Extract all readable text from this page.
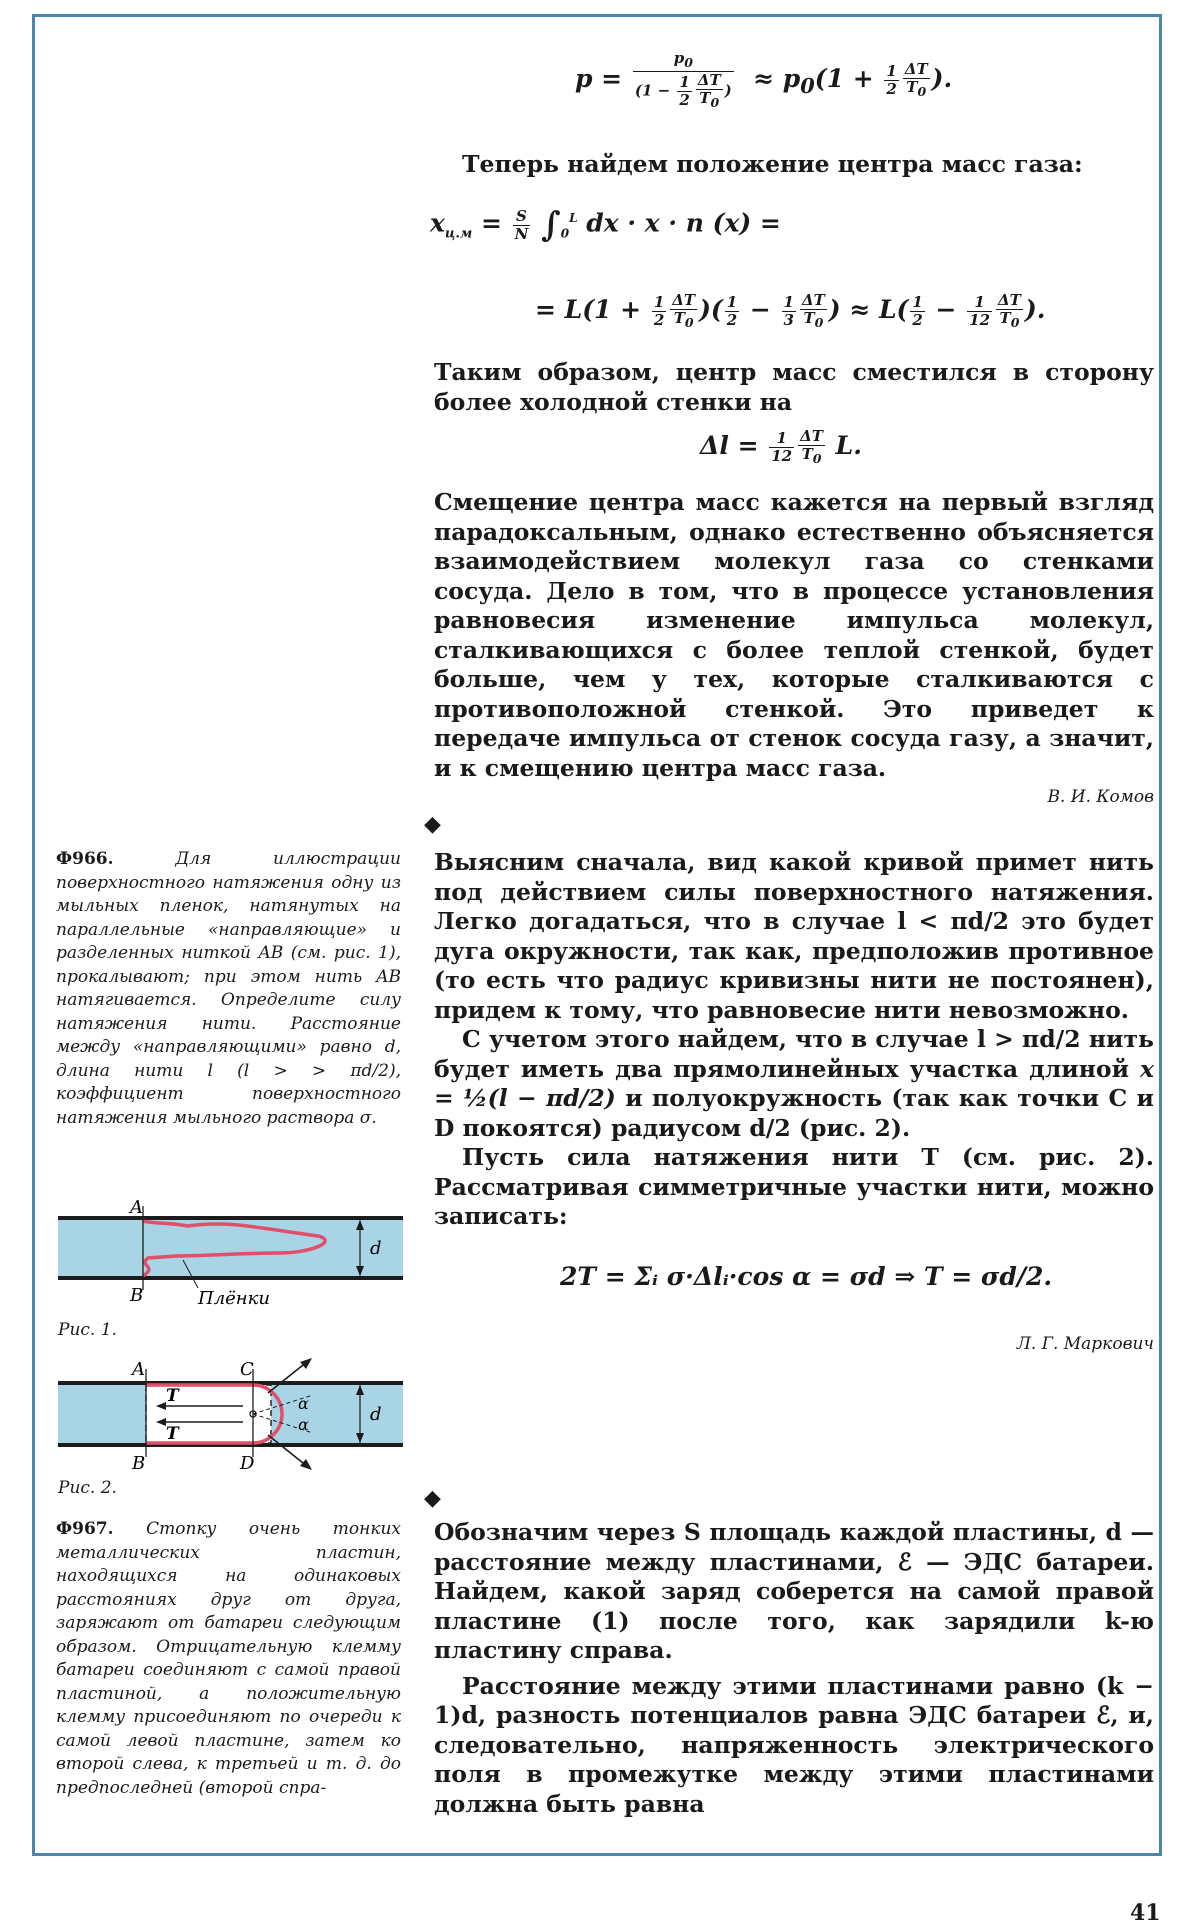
$p = \frac{p_0}{(1 - \frac{1}{2} \frac{\Delta T}{T_0} )} \approx p_0(1 + \frac{1}{2} \frac{\Delta T}{T_0}$ ).

Теперь найдем положение центра масс газа:

$x_{ц.м} = \frac{S}{N} \int_0^L$ dx · x · n (x) =
= $L(1 + \frac{1}{2} \frac{\Delta T}{T_0}$ )( $\frac{1}{2} - \frac{1}{3} \frac{\Delta T}{T_0}$ ) ≈ $L( \frac{1}{2} - \frac{1}{12} \frac{\Delta T}{T_0}$ ).

Таким образом, центр масс сместился в сторону более холодной стенки на

$\Delta l = \frac{1}{12} \frac{\Delta T}{T_0} L$.

Смещение центра масс кажется на первый взгляд парадоксальным, однако естественно объясняется взаимодействием молекул газа со стенками сосуда. Дело в том, что в процессе установления равновесия изменение импульса молекул, сталкивающихся с более теплой стенкой, будет больше, чем у тех, которые сталкиваются с противоположной стенкой. Это приведет к передаче импульса от стенок сосуда газу, а значит, и к смещению центра масс газа.

В. И. Комов

◆

Ф966.	Для иллюстрации поверхностного натяжения одну из мыльных пленок, натянутых на параллельные «направляющие» и разделенных ниткой AB (см. рис. 1), прокалывают; при этом нить AB натягивается. Определите силу натяжения нити. Расстояние между «направляющими» равно d, длина нити l (l > > πd/2), коэффициент поверхностного натяжения мыльного раствора σ.

Выясним сначала, вид какой кривой примет нить под действием силы поверхностного натяжения. Легко догадаться, что в случае l < πd/2 это будет дуга окружности, так как, предположив противное (то есть что радиус кривизны нити не постоянен), придем к тому, что равновесие нити невозможно.

С учетом этого найдем, что в случае l > πd/2 нить будет иметь два прямолинейных участка длиной x = ½(l − πd/2) и полуокружность (так как точки C и D покоятся) радиусом d/2 (рис. 2).

Пусть сила натяжения нити T (см. рис. 2). Рассматривая симметричные участки нити, можно записать:

2T = Σᵢ σ·Δlᵢ·cos α = σd ⇒ T = σd/2.

Л. Г. Маркович

A
B
d
Плёнки
Рис. 1.
A
B
C
D
d
T
T
α
α
Рис. 2.	◆

Ф967. Стопку очень тонких металлических пластин, находящихся на одинаковых расстояниях друг от друга, заряжают от батареи следующим образом. Отрицательную клемму батареи соединяют с самой правой пластиной, а положительную клемму присоединяют по очереди к самой левой пластине, затем ко второй слева, к третьей и т. д. до предпоследней (второй спра-

Обозначим через S площадь каждой пластины, d — расстояние между пластинами, ℰ — ЭДС батареи. Найдем, какой заряд соберется на самой правой пластине (1) после того, как зарядили k-ю пластину справа.

Расстояние между этими пластинами равно (k − 1)d, разность потенциалов равна ЭДС батареи ℰ, и, следовательно, напряженность электрического поля в промежутке между этими пластинами должна быть равна

41
